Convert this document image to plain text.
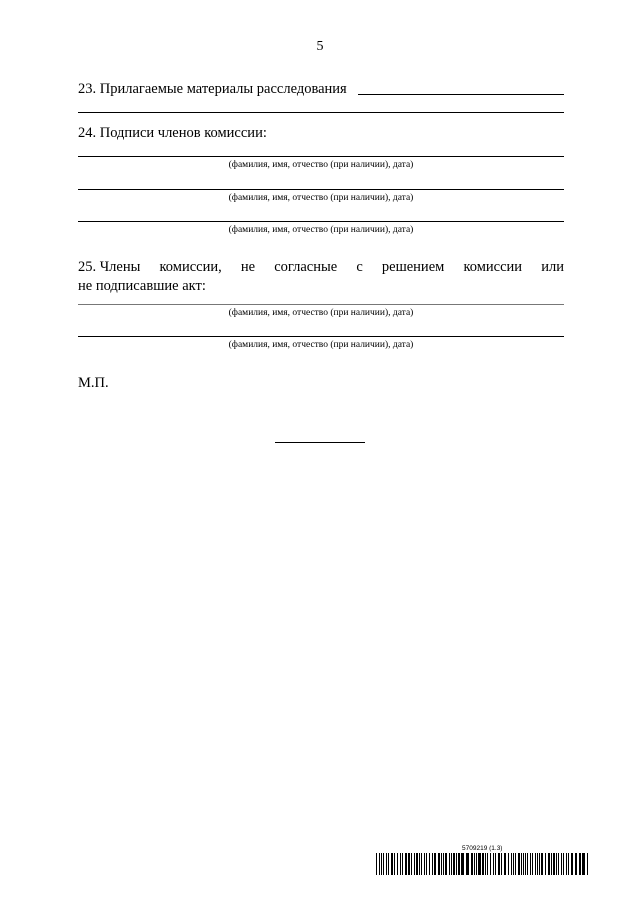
5
23. Прилагаемые материалы расследования
24. Подписи членов комиссии:
(фамилия, имя, отчество (при наличии), дата)
(фамилия, имя, отчество (при наличии), дата)
(фамилия, имя, отчество (при наличии), дата)
25. Члены комиссии, не согласные с решением комиссии или
не подписавшие акт:
(фамилия, имя, отчество (при наличии), дата)
(фамилия, имя, отчество (при наличии), дата)
М.П.
5709219 (1.3)
